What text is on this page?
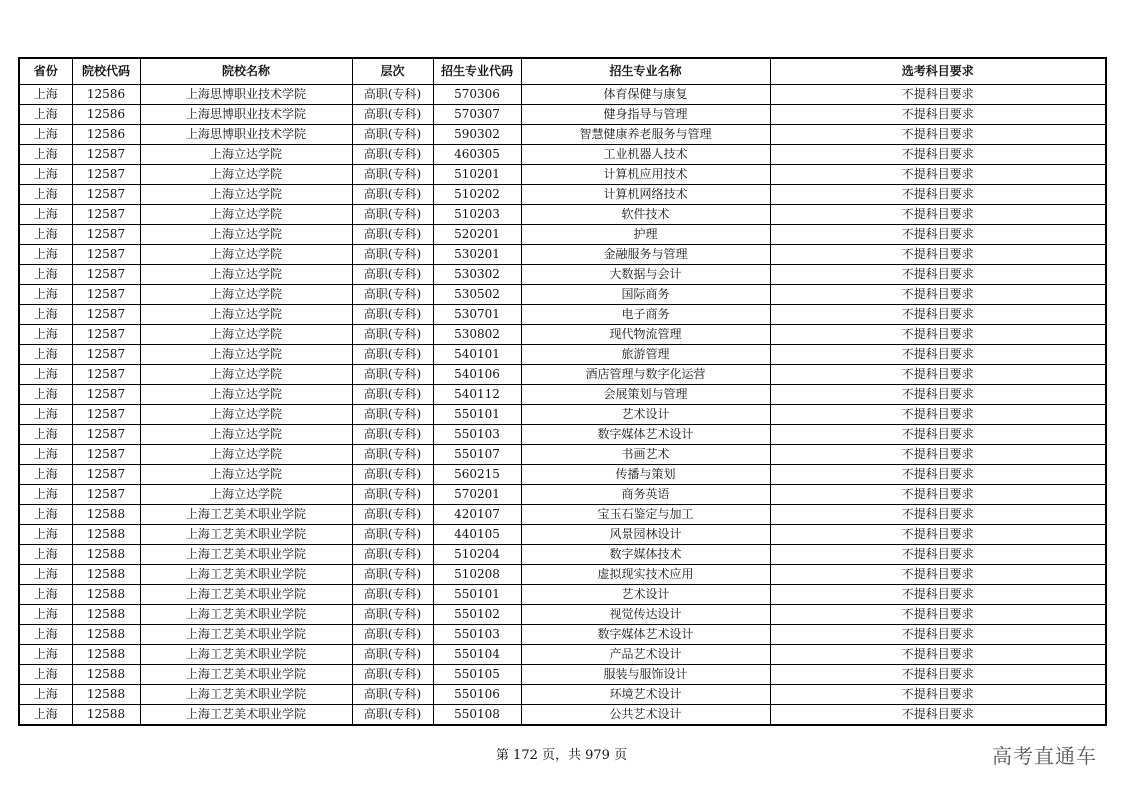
省份	院校代码	院校名称	层次	招生专业代码	招生专业名称	选考科目要求
上海	12586	上海思博职业技术学院	高职(专科)	570306	体育保健与康复	不提科目要求
上海	12586	上海思博职业技术学院	高职(专科)	570307	健身指导与管理	不提科目要求
上海	12586	上海思博职业技术学院	高职(专科)	590302	智慧健康养老服务与管理	不提科目要求
上海	12587	上海立达学院	高职(专科)	460305	工业机器人技术	不提科目要求
上海	12587	上海立达学院	高职(专科)	510201	计算机应用技术	不提科目要求
上海	12587	上海立达学院	高职(专科)	510202	计算机网络技术	不提科目要求
上海	12587	上海立达学院	高职(专科)	510203	软件技术	不提科目要求
上海	12587	上海立达学院	高职(专科)	520201	护理	不提科目要求
上海	12587	上海立达学院	高职(专科)	530201	金融服务与管理	不提科目要求
上海	12587	上海立达学院	高职(专科)	530302	大数据与会计	不提科目要求
上海	12587	上海立达学院	高职(专科)	530502	国际商务	不提科目要求
上海	12587	上海立达学院	高职(专科)	530701	电子商务	不提科目要求
上海	12587	上海立达学院	高职(专科)	530802	现代物流管理	不提科目要求
上海	12587	上海立达学院	高职(专科)	540101	旅游管理	不提科目要求
上海	12587	上海立达学院	高职(专科)	540106	酒店管理与数字化运营	不提科目要求
上海	12587	上海立达学院	高职(专科)	540112	会展策划与管理	不提科目要求
上海	12587	上海立达学院	高职(专科)	550101	艺术设计	不提科目要求
上海	12587	上海立达学院	高职(专科)	550103	数字媒体艺术设计	不提科目要求
上海	12587	上海立达学院	高职(专科)	550107	书画艺术	不提科目要求
上海	12587	上海立达学院	高职(专科)	560215	传播与策划	不提科目要求
上海	12587	上海立达学院	高职(专科)	570201	商务英语	不提科目要求
上海	12588	上海工艺美术职业学院	高职(专科)	420107	宝玉石鉴定与加工	不提科目要求
上海	12588	上海工艺美术职业学院	高职(专科)	440105	风景园林设计	不提科目要求
上海	12588	上海工艺美术职业学院	高职(专科)	510204	数字媒体技术	不提科目要求
上海	12588	上海工艺美术职业学院	高职(专科)	510208	虚拟现实技术应用	不提科目要求
上海	12588	上海工艺美术职业学院	高职(专科)	550101	艺术设计	不提科目要求
上海	12588	上海工艺美术职业学院	高职(专科)	550102	视觉传达设计	不提科目要求
上海	12588	上海工艺美术职业学院	高职(专科)	550103	数字媒体艺术设计	不提科目要求
上海	12588	上海工艺美术职业学院	高职(专科)	550104	产品艺术设计	不提科目要求
上海	12588	上海工艺美术职业学院	高职(专科)	550105	服装与服饰设计	不提科目要求
上海	12588	上海工艺美术职业学院	高职(专科)	550106	环境艺术设计	不提科目要求
上海	12588	上海工艺美术职业学院	高职(专科)	550108	公共艺术设计	不提科目要求
第 172 页，共 979 页	高考直通车
